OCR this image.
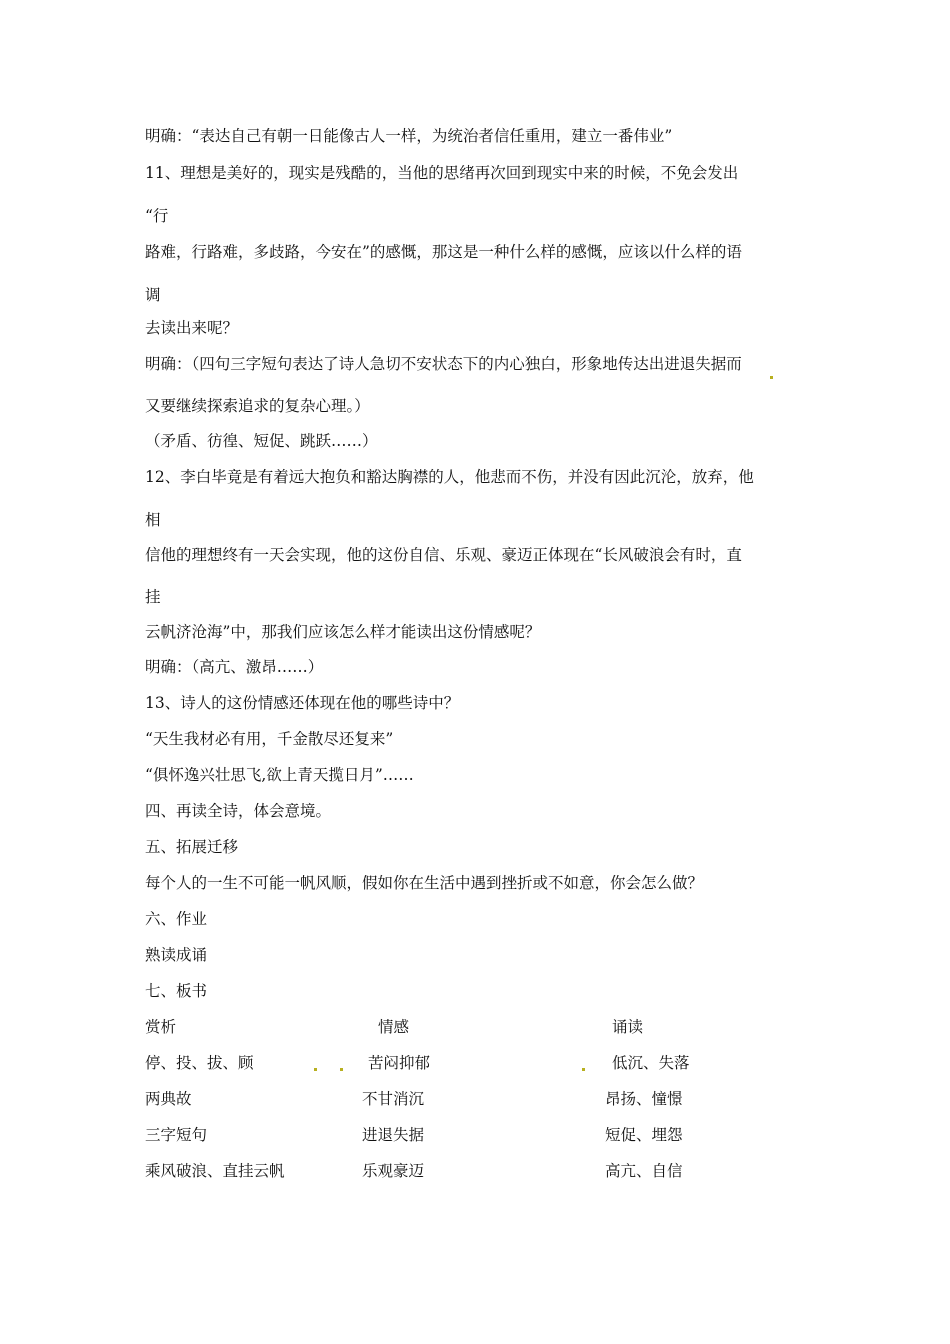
明确：“表达自己有朝一日能像古人一样，为统治者信任重用，建立一番伟业”
11、理想是美好的，现实是残酷的，当他的思绪再次回到现实中来的时候，不免会发出
“行
路难，行路难，多歧路，今安在”的感慨，那这是一种什么样的感慨，应该以什么样的语
调
去读出来呢？
明确：（四句三字短句表达了诗人急切不安状态下的内心独白，形象地传达出进退失据而
又要继续探索追求的复杂心理。）
（矛盾、彷徨、短促、跳跃……）
12、李白毕竟是有着远大抱负和豁达胸襟的人，他悲而不伤，并没有因此沉沦，放弃，他
相
信他的理想终有一天会实现，他的这份自信、乐观、豪迈正体现在“长风破浪会有时，直
挂
云帆济沧海”中，那我们应该怎么样才能读出这份情感呢？
明确：（高亢、激昂……）
13、诗人的这份情感还体现在他的哪些诗中？
“天生我材必有用，千金散尽还复来”
“俱怀逸兴壮思飞,欲上青天揽日月”……
四、再读全诗，体会意境。
五、拓展迁移
每个人的一生不可能一帆风顺，假如你在生活中遇到挫折或不如意，你会怎么做？
六、作业
熟读成诵
七、板书
赏析	情感	诵读
停、投、拔、顾	苦闷抑郁	低沉、失落
两典故	不甘消沉	昂扬、憧憬
三字短句	进退失据	短促、埋怨
乘风破浪、直挂云帆	乐观豪迈	高亢、自信
